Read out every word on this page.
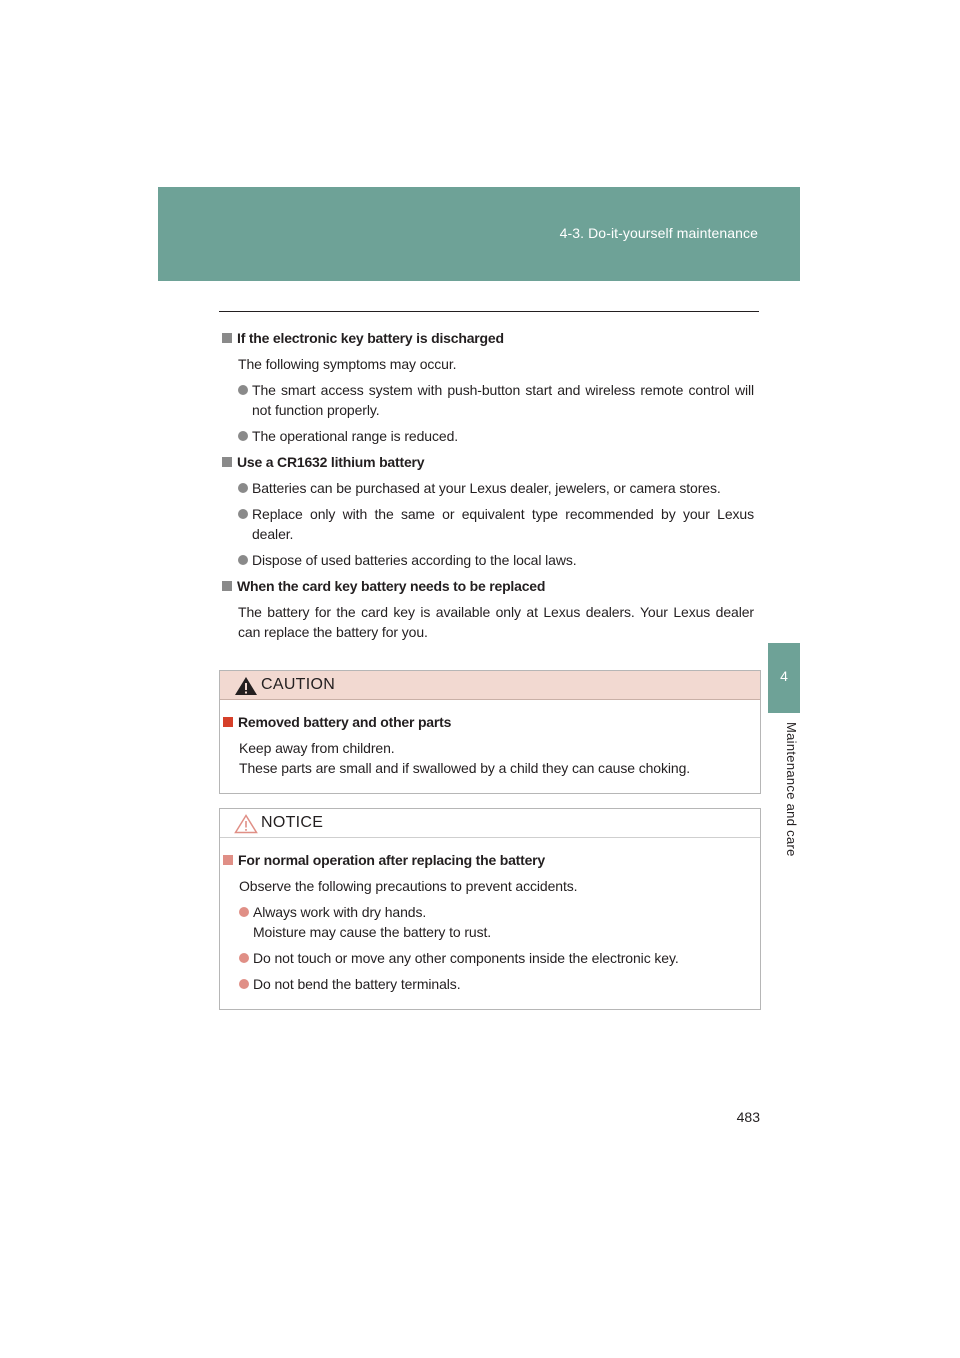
4-3. Do-it-yourself maintenance
4
Maintenance and care
If the electronic key battery is discharged
The following symptoms may occur.
The smart access system with push-button start and wireless remote control will not function properly.
The operational range is reduced.
Use a CR1632 lithium battery
Batteries can be purchased at your Lexus dealer, jewelers, or camera stores.
Replace only with the same or equivalent type recommended by your Lexus dealer.
Dispose of used batteries according to the local laws.
When the card key battery needs to be replaced
The battery for the card key is available only at Lexus dealers. Your Lexus dealer can replace the battery for you.
CAUTION
Removed battery and other parts
Keep away from children.
These parts are small and if swallowed by a child they can cause choking.
NOTICE
For normal operation after replacing the battery
Observe the following precautions to prevent accidents.
Always work with dry hands.
Moisture may cause the battery to rust.
Do not touch or move any other components inside the electronic key.
Do not bend the battery terminals.
483
